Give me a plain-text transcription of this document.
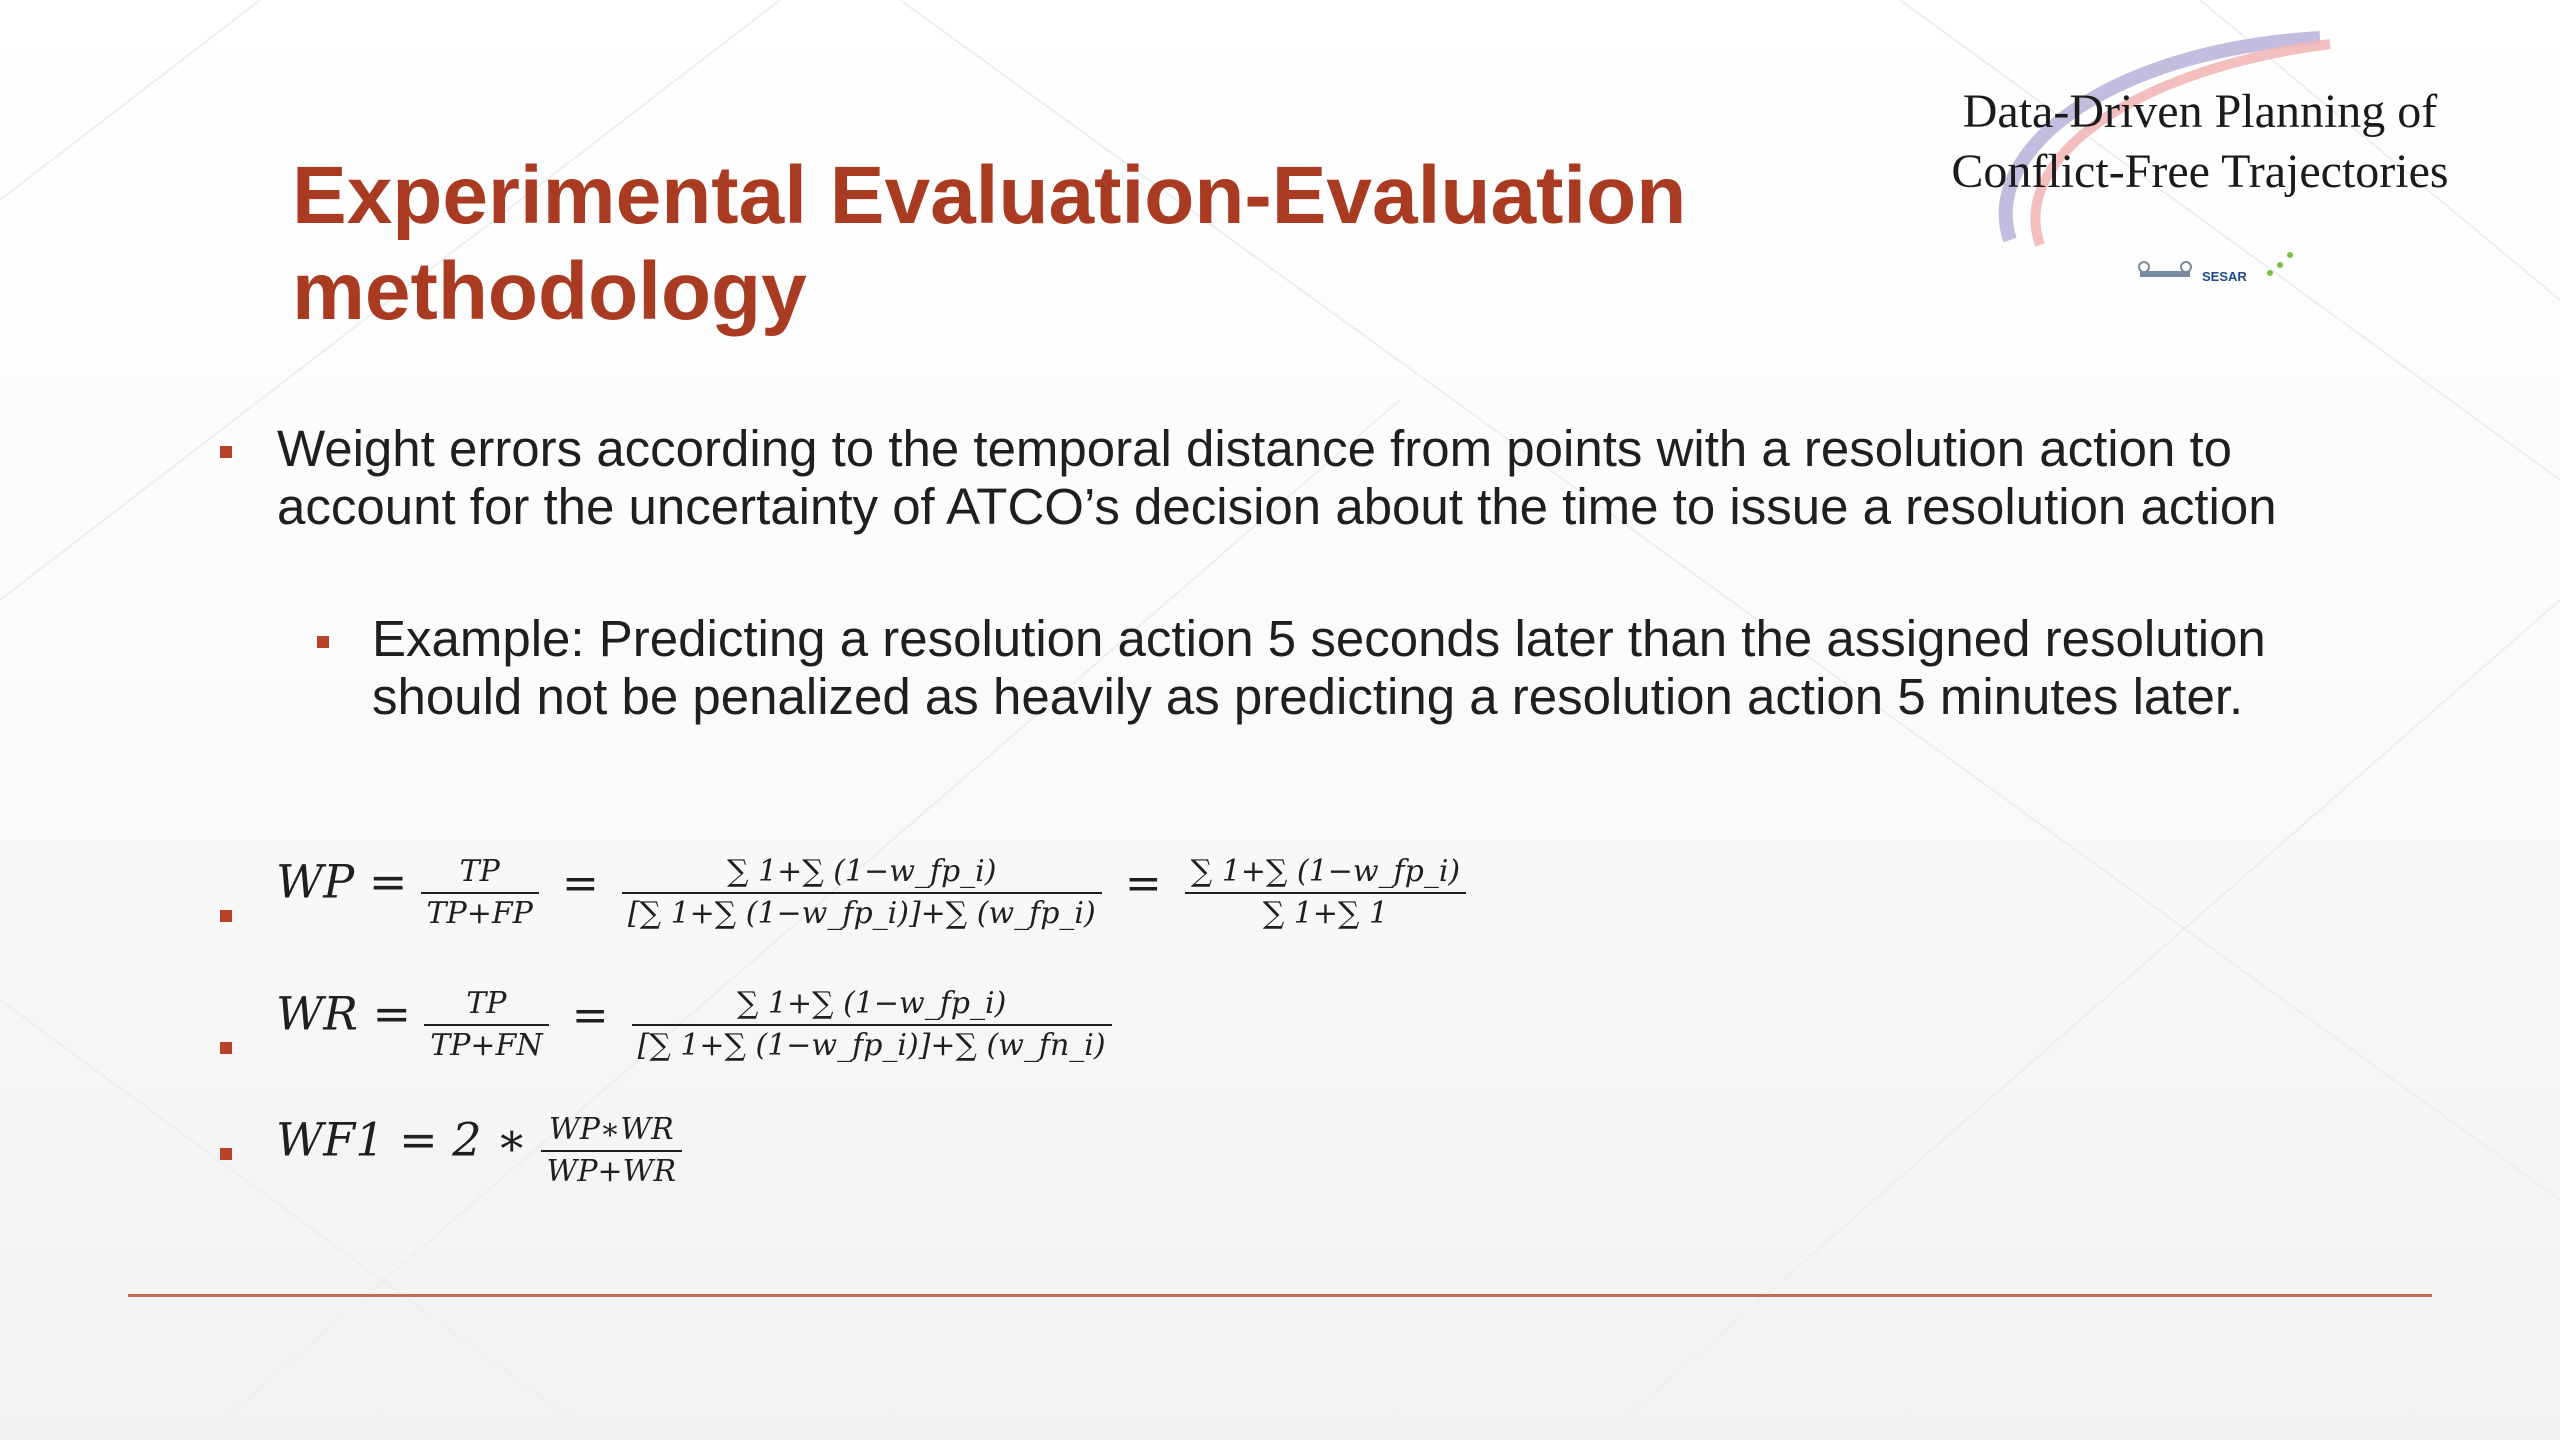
Experimental Evaluation-Evaluation methodology
Data-Driven Planning of
Conflict-Free Trajectories
SESAR
Weight errors according to the temporal distance from points with a resolution action to account for the uncertainty of ATCO’s decision about the time to issue a resolution action
Example: Predicting a resolution action 5 seconds later than the assigned resolution should not be penalized as heavily as predicting a resolution action 5 minutes later.
WP = $\frac{TP}{TP+FP} = \frac{\sum 1+\sum (1-w\_fp\_i)}{[\sum 1+\sum (1-w\_fp\_i)]+\sum (w\_fp\_i)} = \frac{\sum 1+\sum (1-w\_fp\_i)}{\sum 1+\sum 1}$
WR = $\frac{TP}{TP+FN} = \frac{\sum 1+\sum (1-w\_fp\_i)}{[\sum 1+\sum (1-w\_fp\_i)]+\sum (w\_fn\_i)}$
WF1 = 2 ∗ $\frac{WP∗WR}{WP+WR}$
